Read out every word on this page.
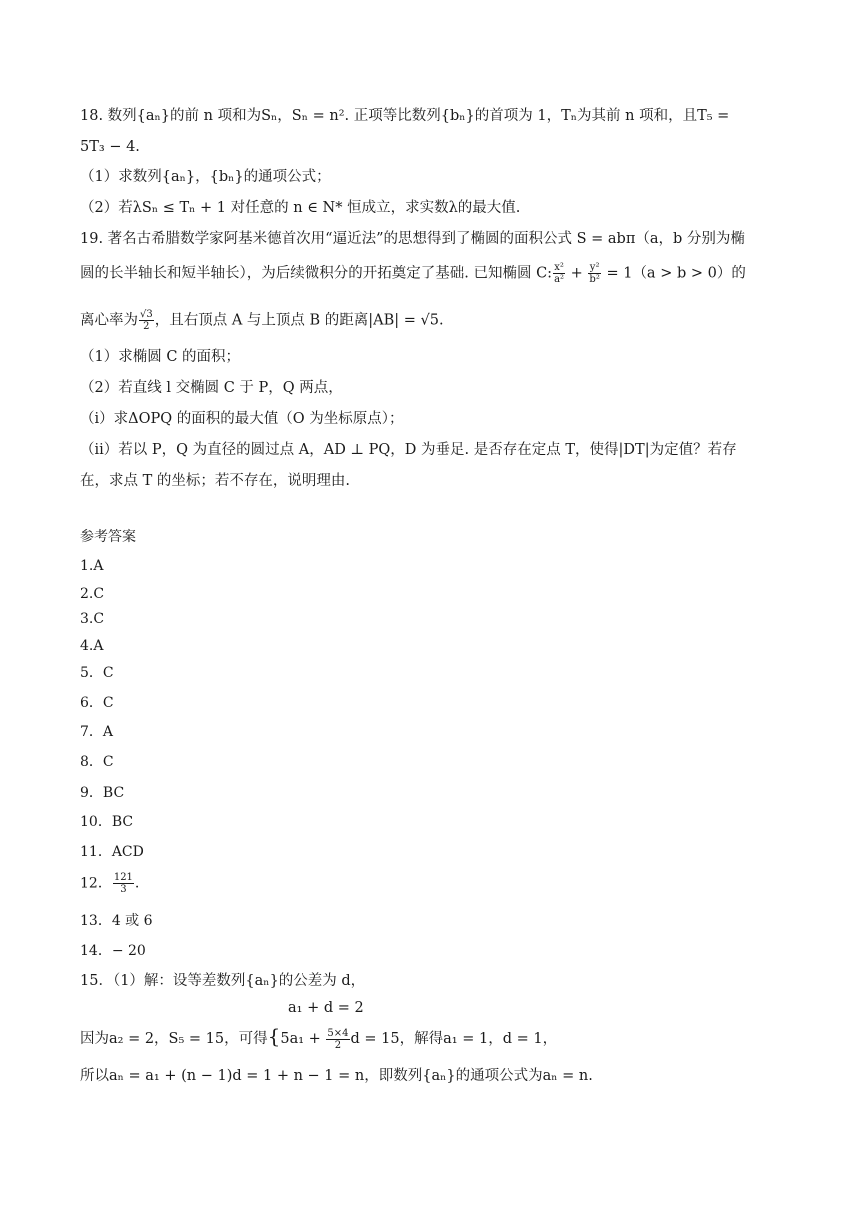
18. 数列{aₙ}的前 n 项和为Sₙ，Sₙ = n². 正项等比数列{bₙ}的首项为 1，Tₙ为其前 n 项和，且T₅ =
5T₃ − 4.
（1）求数列{aₙ}，{bₙ}的通项公式；
（2）若λSₙ ≤ Tₙ + 1 对任意的 n ∈ N* 恒成立，求实数λ的最大值.
19. 著名古希腊数学家阿基米德首次用“逼近法”的思想得到了椭圆的面积公式 S = abπ（a，b 分别为椭
圆的长半轴长和短半轴长），为后续微积分的开拓奠定了基础. 已知椭圆 C: $\frac{\text{x²}}{\text{a²}} + \frac{\text{y²}}{\text{b²}} = 1(a > b > 0)$的
离心率为 $\frac{√3}{2}$ ，且右顶点 A 与上顶点 B 的距离|AB| = √5.
（1）求椭圆 C 的面积；
（2）若直线 l 交椭圆 C 于 P，Q 两点，
（i）求ΔOPQ 的面积的最大值（O 为坐标原点）；
（ii）若以 P，Q 为直径的圆过点 A，AD ⊥ PQ，D 为垂足. 是否存在定点 T，使得|DT|为定值？若存
在，求点 T 的坐标；若不存在，说明理由.
参考答案
1.A
2.C
3.C
4.A
5．C
6．C
7．A
8．C
9．BC
10．BC
11．ACD
12． $\frac{121}{3}$ .
13．4 或 6
14．− 20
15．（1）解：设等差数列{aₙ}的公差为 d，
a₁ + d = 2
因为a₂ = 2，S₅ = 15，可得{$5a_1 + \frac{5\times 4}{2}$ d = 15，解得a₁ = 1，d = 1，
所以aₙ = a₁ + (n − 1)d = 1 + n − 1 = n，即数列{aₙ}的通项公式为aₙ = n.
